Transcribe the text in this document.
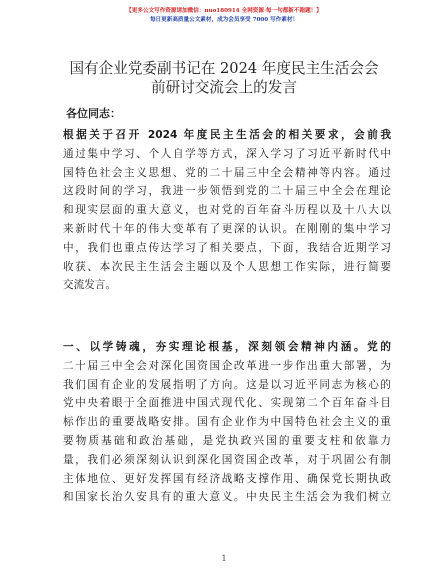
【更多公文写作资源请加微信：nuo180914 全网资源·每一句都新不跑题！】
每日更新高质量公文素材，成为会员享受 7000 写作素材！
国有企业党委副书记在 2024 年度民主生活会会
前研讨交流会上的发言
各位同志：
根据关于召开 2024 年度民主生活会的相关要求，会前我
通过集中学习、个人自学等方式，深入学习了习近平新时代中
国特色社会主义思想、党的二十届三中全会精神等内容。通过
这段时间的学习，我进一步领悟到党的二十届三中全会在理论
和现实层面的重大意义，也对党的百年奋斗历程以及十八大以
来新时代十年的伟大变革有了更深的认识。在刚刚的集中学习
中，我们也重点传达学习了相关要点，下面，我结合近期学习
收获、本次民主生活会主题以及个人思想工作实际，进行简要
交流发言。
一、以学铸魂，夯实理论根基，深刻领会精神内涵。党的
二十届三中全会对深化国资国企改革进一步作出重大部署，为
我们国有企业的发展指明了方向。这是以习近平同志为核心的
党中央着眼于全面推进中国式现代化、实现第二个百年奋斗目
标作出的重要战略安排。国有企业作为中国特色社会主义的重
要物质基础和政治基础，是党执政兴国的重要支柱和依靠力
量，我们必须深刻认识到深化国资国企改革，对于巩固公有制
主体地位、更好发挥国有经济战略支撑作用、确保党长期执政
和国家长治久安具有的重大意义。中央民主生活会为我们树立
1
